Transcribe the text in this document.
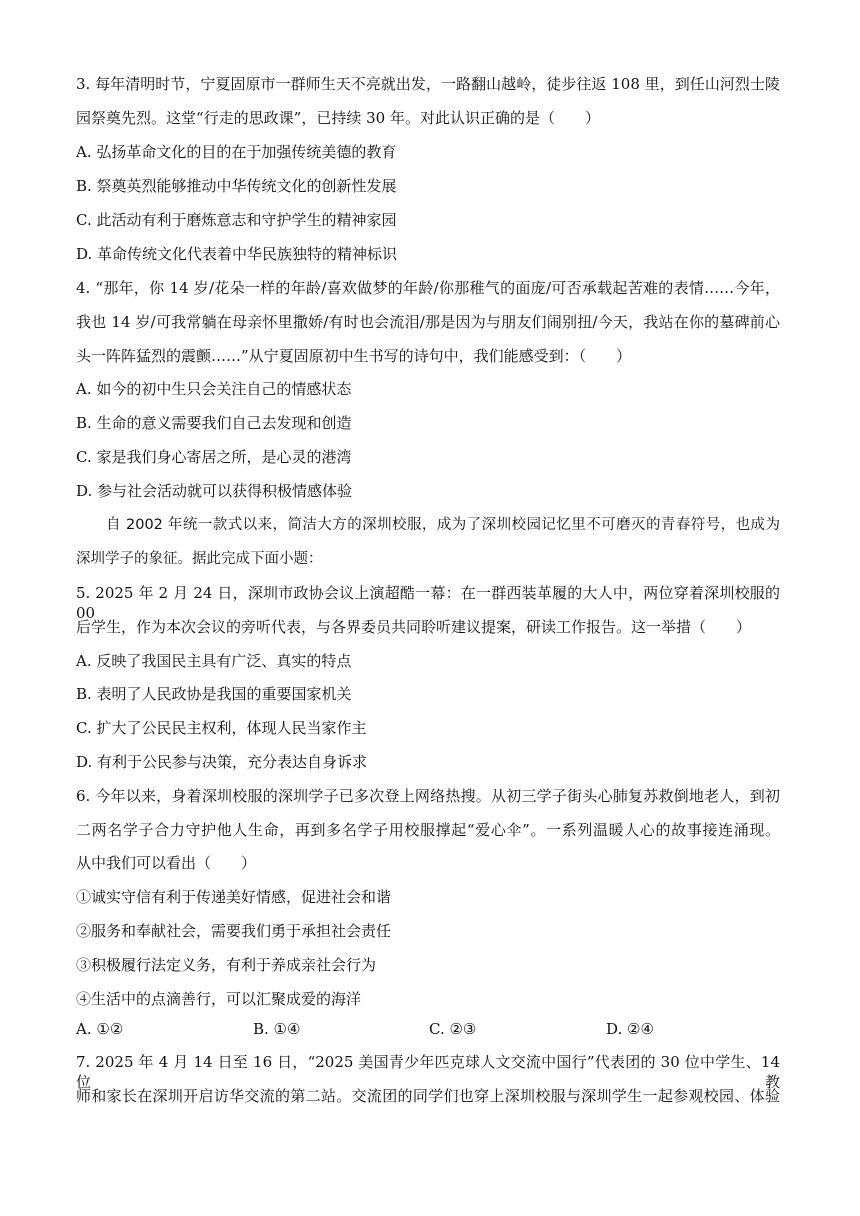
3. 每年清明时节，宁夏固原市一群师生天不亮就出发，一路翻山越岭，徒步往返 108 里，到任山河烈士陵
园祭奠先烈。这堂“行走的思政课”，已持续 30 年。对此认识正确的是（　　）
A. 弘扬革命文化的目的在于加强传统美德的教育
B. 祭奠英烈能够推动中华传统文化的创新性发展
C. 此活动有利于磨炼意志和守护学生的精神家园
D. 革命传统文化代表着中华民族独特的精神标识
4. “那年，你 14 岁/花朵一样的年龄/喜欢做梦的年龄/你那稚气的面庞/可否承载起苦难的表情……今年，
我也 14 岁/可我常躺在母亲怀里撒娇/有时也会流泪/那是因为与朋友们闹别扭/今天，我站在你的墓碑前心
头一阵阵猛烈的震颤……”从宁夏固原初中生书写的诗句中，我们能感受到：（　　）
A. 如今的初中生只会关注自己的情感状态
B. 生命的意义需要我们自己去发现和创造
C. 家是我们身心寄居之所，是心灵的港湾
D. 参与社会活动就可以获得积极情感体验
自 2002 年统一款式以来，简洁大方的深圳校服，成为了深圳校园记忆里不可磨灭的青春符号，也成为
深圳学子的象征。据此完成下面小题：
5. 2025 年 2 月 24 日，深圳市政协会议上演超酷一幕：在一群西装革履的大人中，两位穿着深圳校服的 00
后学生，作为本次会议的旁听代表，与各界委员共同聆听建议提案，研读工作报告。这一举措（　　）
A. 反映了我国民主具有广泛、真实的特点
B. 表明了人民政协是我国的重要国家机关
C. 扩大了公民民主权利，体现人民当家作主
D. 有利于公民参与决策，充分表达自身诉求
6. 今年以来，身着深圳校服的深圳学子已多次登上网络热搜。从初三学子街头心肺复苏救倒地老人，到初
二两名学子合力守护他人生命，再到多名学子用校服撑起“爱心伞”。一系列温暖人心的故事接连涌现。
从中我们可以看出（　　）
①诚实守信有利于传递美好情感，促进社会和谐
②服务和奉献社会，需要我们勇于承担社会责任
③积极履行法定义务，有利于养成亲社会行为
④生活中的点滴善行，可以汇聚成爱的海洋
A. ①②	B. ①④	C. ②③	D. ②④
7. 2025 年 4 月 14 日至 16 日，“2025 美国青少年匹克球人文交流中国行”代表团的 30 位中学生、14 位教
师和家长在深圳开启访华交流的第二站。交流团的同学们也穿上深圳校服与深圳学生一起参观校园、体验
